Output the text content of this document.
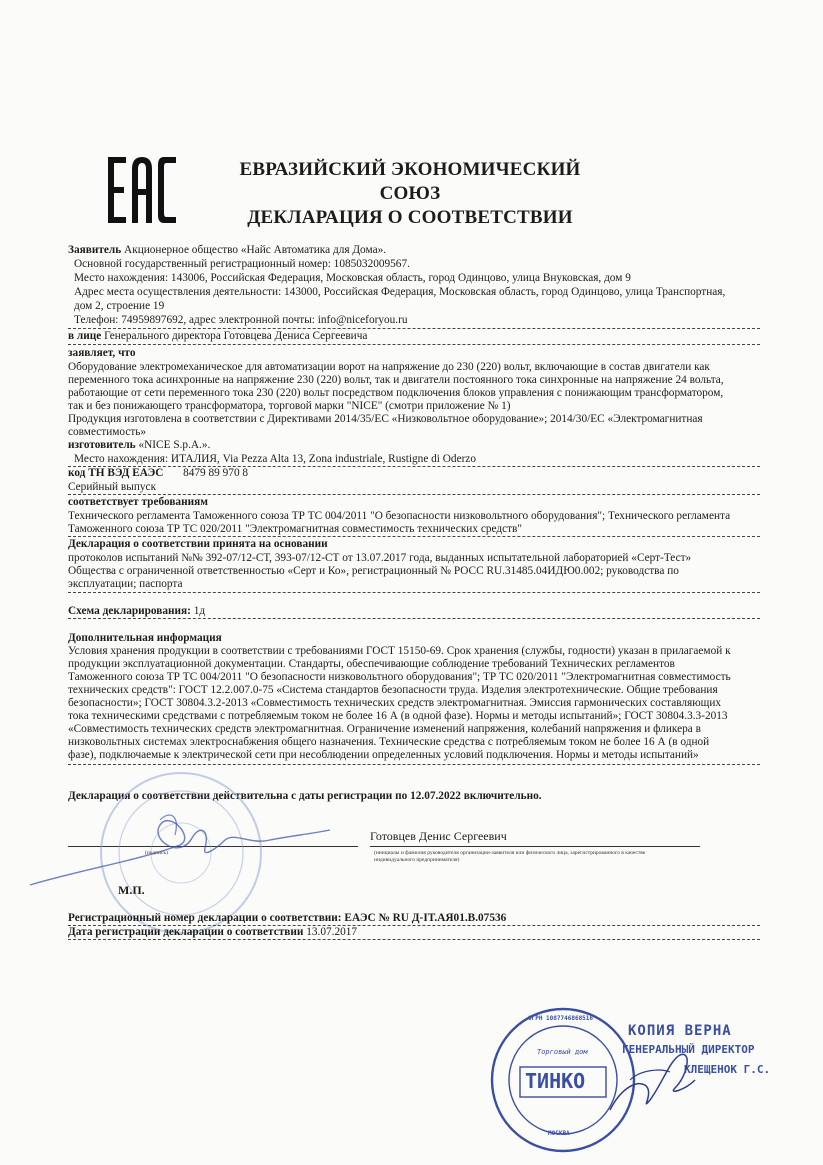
ЕВРАЗИЙСКИЙ ЭКОНОМИЧЕСКИЙ
СОЮЗ
ДЕКЛАРАЦИЯ О СООТВЕТСТВИИ
Заявитель Акционерное общество «Найс Автоматика для Дома».
Основной государственный регистрационный номер: 1085032009567.
Место нахождения: 143006, Российская Федерация, Московская область, город Одинцово, улица Внуковская, дом 9
Адрес места осуществления деятельности: 143000, Российская Федерация, Московская область, город Одинцово, улица Транспортная,
дом 2, строение 19
Телефон: 74959897692, адрес электронной почты: info@niceforyou.ru
в лице Генерального директора Готовцева Дениса Сергеевича
заявляет, что
Оборудование электромеханическое для автоматизации ворот на напряжение до 230 (220) вольт, включающие в состав двигатели как
переменного тока асинхронные на напряжение 230 (220) вольт, так и двигатели постоянного тока синхронные на напряжение 24 вольта,
работающие от сети переменного тока 230 (220) вольт посредством подключения блоков управления с понижающим трансформатором,
так и без понижающего трансформатора, торговой марки "NICE" (смотри приложение № 1)
Продукция изготовлена в соответствии с Директивами 2014/35/ЕС «Низковольтное оборудование»; 2014/30/ЕС «Электромагнитная
совместимость»
изготовитель «NICE S.p.A.».
Место нахождения: ИТАЛИЯ, Via Pezza Alta 13, Zona industriale, Rustigne di Oderzo
код ТН ВЭД ЕАЭС 8479 89 970 8
Серийный выпуск
соответствует требованиям
Технического регламента Таможенного союза ТР ТС 004/2011 "О безопасности низковольтного оборудования"; Технического регламента
Таможенного союза ТР ТС 020/2011 "Электромагнитная совместимость технических средств"
Декларация о соответствии принята на основании
протоколов испытаний №№ 392-07/12-СТ, 393-07/12-СТ от 13.07.2017 года, выданных испытательной лабораторией «Серт-Тест»
Общества с ограниченной ответственностью «Серт и Ко», регистрационный № РОСС RU.31485.04ИДЮ0.002; руководства по
эксплуатации; паспорта
Схема декларирования: 1д
Дополнительная информация
Условия хранения продукции в соответствии с требованиями ГОСТ 15150-69. Срок хранения (службы, годности) указан в прилагаемой к
продукции эксплуатационной документации. Стандарты, обеспечивающие соблюдение требований Технических регламентов
Таможенного союза ТР ТС 004/2011 "О безопасности низковольтного оборудования"; ТР ТС 020/2011 "Электромагнитная совместимость
технических средств": ГОСТ 12.2.007.0-75 «Система стандартов безопасности труда. Изделия электротехнические. Общие требования
безопасности»; ГОСТ 30804.3.2-2013 «Совместимость технических средств электромагнитная. Эмиссия гармонических составляющих
тока техническими средствами с потребляемым током не более 16 А (в одной фазе). Нормы и методы испытаний»; ГОСТ 30804.3.3-2013
«Совместимость технических средств электромагнитная. Ограничение изменений напряжения, колебаний напряжения и фликера в
низковольтных системах электроснабжения общего назначения. Технические средства с потребляемым током не более 16 А (в одной
фазе), подключаемые к электрической сети при несоблюдении определенных условий подключения. Нормы и методы испытаний»
Декларация о соответствии действительна с даты регистрации по 12.07.2022 включительно.
Готовцев Денис Сергеевич
(подпись)	(инициалы и фамилия руководителя организации-заявителя или физического лица, зарегистрированного в качестве
индивидуального предпринимателя)
М.П.
Регистрационный номер декларации о соответствии: ЕАЭС № RU Д-IT.АЯ01.В.07536
Дата регистрации декларации о соответствии 13.07.2017
Торговый дом
ТИНКО
ОГРН 1087746868516
МОСКВА
КОПИЯ ВЕРНА
ГЕНЕРАЛЬНЫЙ ДИРЕКТОР
КЛЕЩЕНОК Г.С.
